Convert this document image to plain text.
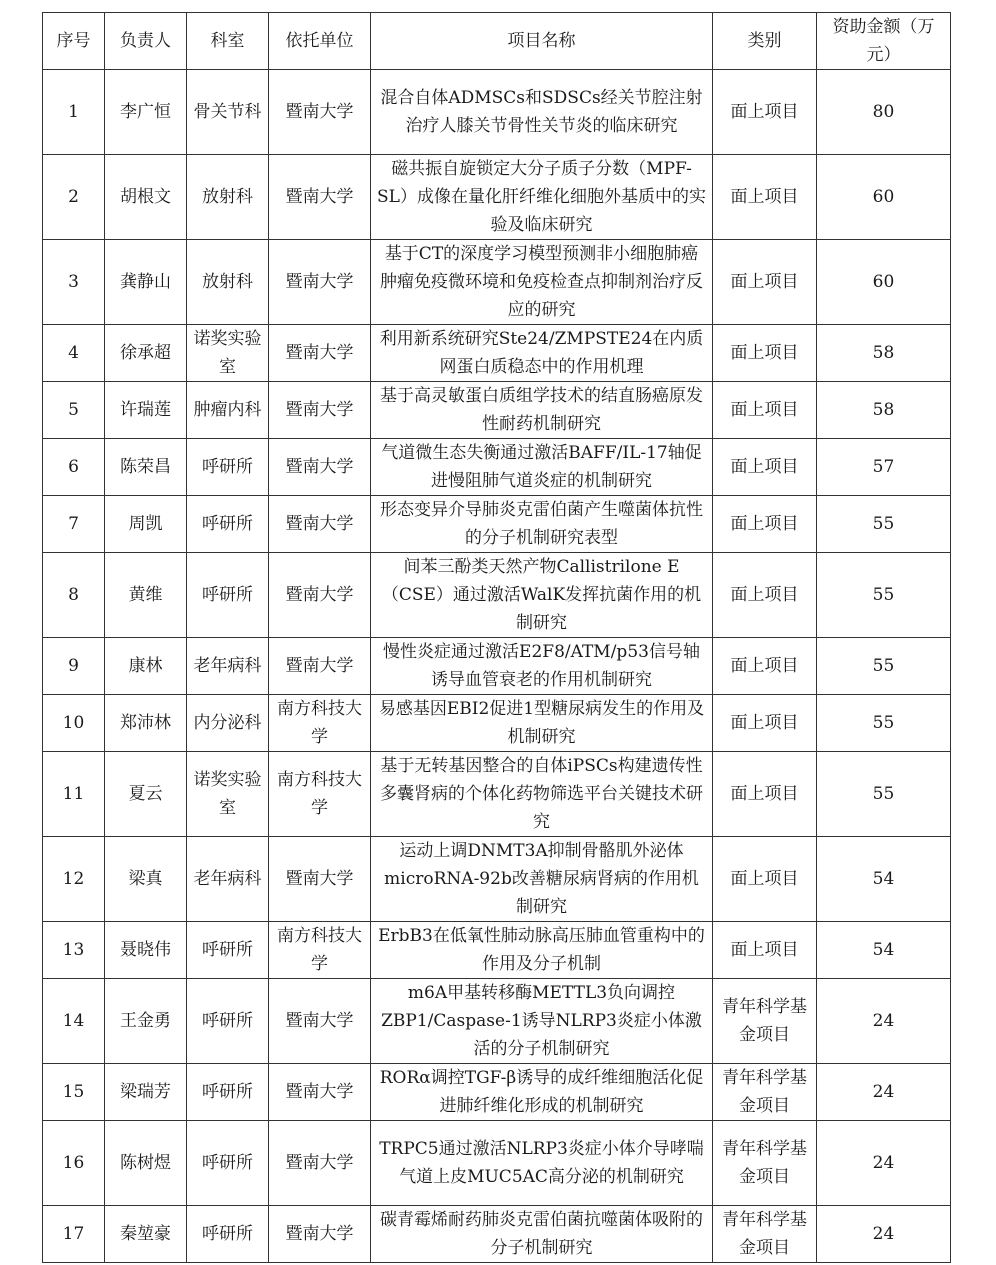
序号	负责人	科室	依托单位	项目名称	类别	资助金额（万元）
1	李广恒	骨关节科	暨南大学	混合自体ADMSCs和SDSCs经关节腔注射治疗人膝关节骨性关节炎的临床研究	面上项目	80
2	胡根文	放射科	暨南大学	磁共振自旋锁定大分子质子分数（MPF-SL）成像在量化肝纤维化细胞外基质中的实验及临床研究	面上项目	60
3	龚静山	放射科	暨南大学	基于CT的深度学习模型预测非小细胞肺癌肿瘤免疫微环境和免疫检查点抑制剂治疗反应的研究	面上项目	60
4	徐承超	诺奖实验室	暨南大学	利用新系统研究Ste24/ZMPSTE24在内质网蛋白质稳态中的作用机理	面上项目	58
5	许瑞莲	肿瘤内科	暨南大学	基于高灵敏蛋白质组学技术的结直肠癌原发性耐药机制研究	面上项目	58
6	陈荣昌	呼研所	暨南大学	气道微生态失衡通过激活BAFF/IL-17轴促进慢阻肺气道炎症的机制研究	面上项目	57
7	周凯	呼研所	暨南大学	形态变异介导肺炎克雷伯菌产生噬菌体抗性的分子机制研究表型	面上项目	55
8	黄维	呼研所	暨南大学	间苯三酚类天然产物Callistrilone E（CSE）通过激活WalK发挥抗菌作用的机制研究	面上项目	55
9	康林	老年病科	暨南大学	慢性炎症通过激活E2F8/ATM/p53信号轴诱导血管衰老的作用机制研究	面上项目	55
10	郑沛林	内分泌科	南方科技大学	易感基因EBI2促进1型糖尿病发生的作用及机制研究	面上项目	55
11	夏云	诺奖实验室	南方科技大学	基于无转基因整合的自体iPSCs构建遗传性多囊肾病的个体化药物筛选平台关键技术研究	面上项目	55
12	梁真	老年病科	暨南大学	运动上调DNMT3A抑制骨骼肌外泌体microRNA-92b改善糖尿病肾病的作用机制研究	面上项目	54
13	聂晓伟	呼研所	南方科技大学	ErbB3在低氧性肺动脉高压肺血管重构中的作用及分子机制	面上项目	54
14	王金勇	呼研所	暨南大学	m6A甲基转移酶METTL3负向调控ZBP1/Caspase-1诱导NLRP3炎症小体激活的分子机制研究	青年科学基金项目	24
15	梁瑞芳	呼研所	暨南大学	RORα调控TGF-β诱导的成纤维细胞活化促进肺纤维化形成的机制研究	青年科学基金项目	24
16	陈树煜	呼研所	暨南大学	TRPC5通过激活NLRP3炎症小体介导哮喘气道上皮MUC5AC高分泌的机制研究	青年科学基金项目	24
17	秦堃豪	呼研所	暨南大学	碳青霉烯耐药肺炎克雷伯菌抗噬菌体吸附的分子机制研究	青年科学基金项目	24
